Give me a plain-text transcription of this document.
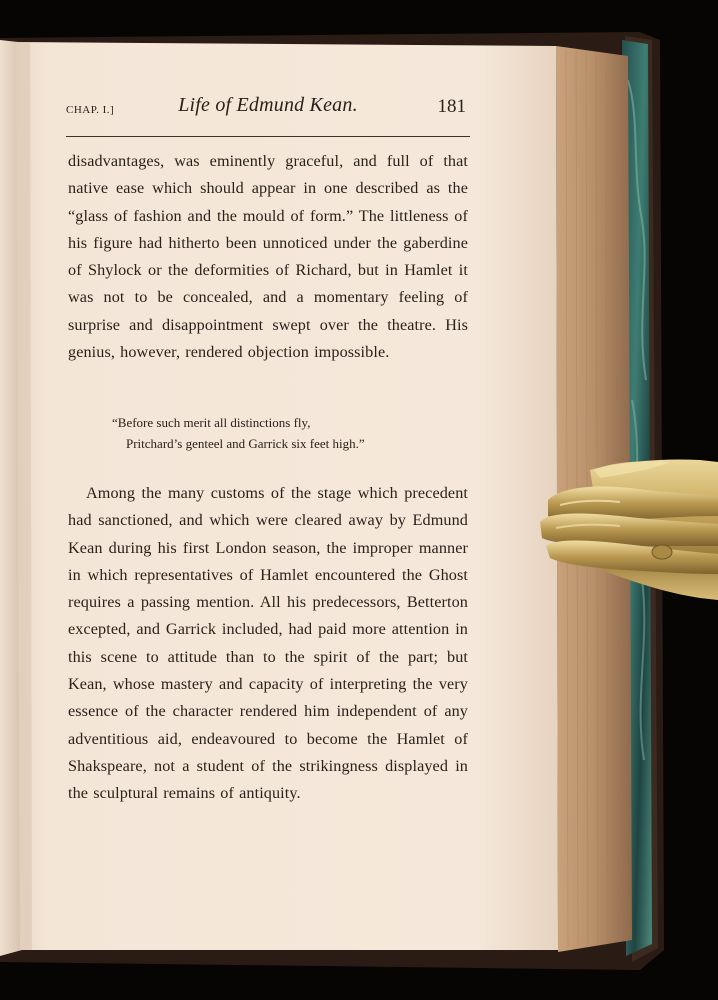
CHAP. I.]	Life of Edmund Kean.	181

disadvantages, was eminently graceful, and full of that native ease which should appear in one described as the “glass of fashion and the mould of form.” The littleness of his figure had hitherto been unnoticed under the gaberdine of Shylock or the deformities of Richard, but in Hamlet it was not to be concealed, and a momentary feeling of surprise and disappointment swept over the theatre. His genius, however, rendered objection impossible.

“Before such merit all distinctions fly,
Pritchard’s genteel and Garrick six feet high.”

Among the many customs of the stage which precedent had sanctioned, and which were cleared away by Edmund Kean during his first London season, the improper manner in which representatives of Hamlet encountered the Ghost requires a passing mention. All his predecessors, Betterton excepted, and Garrick included, had paid more attention in this scene to attitude than to the spirit of the part; but Kean, whose mastery and capacity of interpreting the very essence of the character rendered him independent of any adventitious aid, endeavoured to become the Hamlet of Shakspeare, not a student of the strikingness displayed in the sculptural remains of antiquity.
